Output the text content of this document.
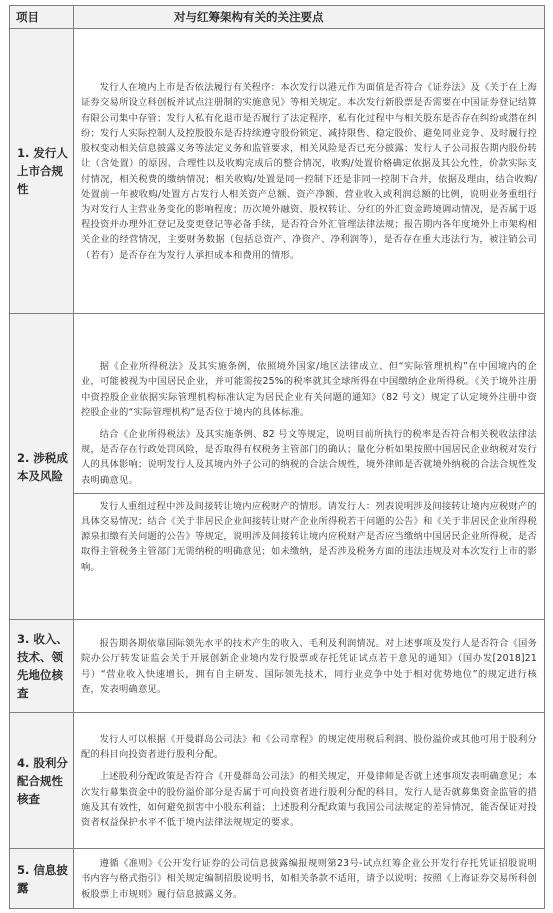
项目	对与红筹架构有关的关注要点
1. 发行人上市合规性	发行人在境内上市是否依法履行有关程序：本次发行以港元作为面值是否符合《证券法》及《关于在上海证券交易所设立科创板并试点注册制的实施意见》等相关规定。本次发行新股票是否需要在中国证券登记结算有限公司集中存管；发行人私有化退市是否履行了法定程序，私有化过程中与相关股东是否存在纠纷或潜在纠纷；发行人实际控制人及控股股东是否持续遵守股份锁定、减持限售、稳定股价、避免同业竞争、及时履行控股权变动相关信息披露义务等法定义务和监管要求，相关风险是否已充分披露；发行人子公司报告期内股份转让（含处置）的原因、合理性以及收购完成后的整合情况，收购/处置价格确定依据及其公允性，价款实际支付情况，相关税费的缴纳情况；相关收购/处置是同一控制下还是非同一控制下合并，依据及理由，结合收购/处置前一年被收购/处置方占发行人相关资产总额、资产净额、营业收入或利润总额的比例，说明业务重组行为对发行人主营业务变化的影响程度；历次境外融资、股权转让、分红的外汇资金跨境调动情况，是否属于返程投资并办理外汇登记及变更登记等必备手续，是否符合外汇管理法律法规；报告期内各年度境外上市架构相关企业的经营情况，主要财务数据（包括总资产、净资产、净利润等），是否存在重大违法行为，被注销公司（若有）是否存在为发行人承担成本和费用的情形。

2. 涉税成本及风险	据《企业所得税法》及其实施条例，依照境外国家/地区法律成立、但“实际管理机构”在中国境内的企业，可能被视为中国居民企业，并可能需按25%的税率就其全球所得在中国缴纳企业所得税。《关于境外注册中资控股企业依据实际管理机构标准认定为居民企业有关问题的通知》（82 号文）规定了认定境外注册中资控股企业的“实际管理机构”是否位于境内的具体标准。

结合《企业所得税法》及其实施条例、82 号文等规定，说明目前所执行的税率是否符合相关税收法律法规，是否存在行政处罚风险，是否取得有权税务主管部门的确认；量化分析如果按照中国居民企业纳税对发行人的具体影响；说明发行人及其境内外子公司的纳税的合法合规性，境外律师是否就境外纳税的合法合规性发表明确意见。

发行人重组过程中涉及间接转让境内应税财产的情形。请发行人：列表说明涉及间接转让境内应税财产的具体交易情况；结合《关于非居民企业间接转让财产企业所得税若干问题的公告》和《关于非居民企业所得税源泉扣缴有关问题的公告》等规定，说明涉及间接转让境内应税财产是否应当缴纳中国居民企业所得税，是否取得主管税务主管部门无需纳税的明确意见；如未缴纳，是否涉及税务方面的违法违规及对本次发行上市的影响。

3. 收入、技术、领先地位核查	报告期各期依靠国际领先水平的技术产生的收入、毛利及利润情况。对上述事项及发行人是否符合《国务院办公厅转发证监会关于开展创新企业境内发行股票或存托凭证试点若干意见的通知》（国办发[2018]21 号）“营业收入快速增长，拥有自主研发、国际领先技术，同行业竞争中处于相对优势地位”的规定进行核查，发表明确意见。

4. 股利分配合规性核查	发行人可以根据《开曼群岛公司法》和《公司章程》的规定使用税后利润、股份溢价或其他可用于股利分配的科目向投资者进行股利分配。

上述股利分配政策是否符合《开曼群岛公司法》的相关规定，开曼律师是否就上述事项发表明确意见；本次发行募集资金中的股份溢价部分是否属于可向投资者进行股利分配的科目，发行人是否就募集资金监管的措施及其有效性，如何避免损害中小股东利益；上述股利分配政策与我国公司法规定的差异情况，能否保证对投资者权益保护水平不低于境内法律法规规定的要求。

5. 信息披露	遵循《准则》《公开发行证券的公司信息披露编报规则第23号-试点红筹企业公开发行存托凭证招股说明书内容与格式指引》相关规定编制招股说明书，如相关条款不适用，请予以说明；按照《上海证券交易所科创板股票上市规则》履行信息披露义务。
